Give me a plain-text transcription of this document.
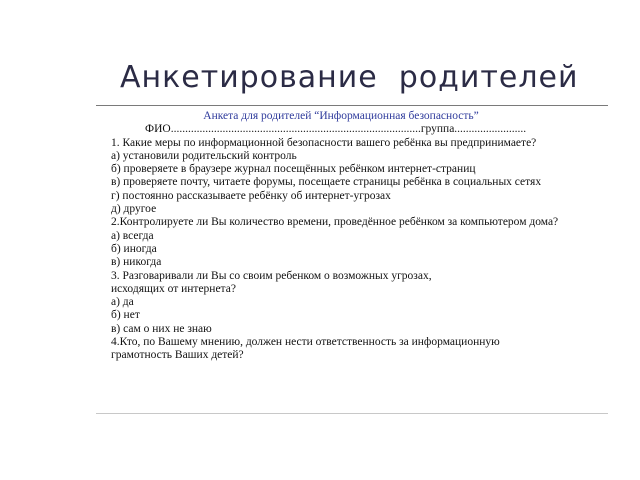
Анкетирование  родителей
Анкета для родителей “Информационная безопасность”
ФИО.......................................................................................группа.........................
1. Какие меры по информационной безопасности вашего ребёнка вы предпринимаете?
а) установили родительский контроль
б) проверяете в браузере журнал посещённых ребёнком интернет-страниц
в) проверяете почту, читаете форумы, посещаете страницы ребёнка в социальных сетях
г) постоянно рассказываете ребёнку об интернет-угрозах
д) другое
2.Контролируете ли Вы количество времени, проведённое ребёнком за компьютером дома?
а) всегда
б) иногда
в) никогда
3. Разговаривали ли Вы со своим ребенком о возможных угрозах,
исходящих от интернета?
а) да
б) нет
в) сам о них не знаю
4.Кто, по Вашему мнению, должен нести ответственность за информационную
грамотность Ваших детей?
